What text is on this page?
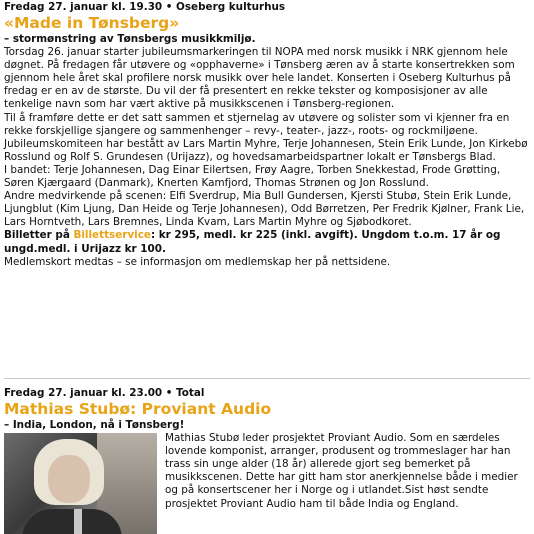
Fredag 27. januar kl. 19.30 • Oseberg kulturhus
«Made in Tønsberg»
– stormønstring av Tønsbergs musikkmiljø.

Torsdag 26. januar starter jubileumsmarkeringen til NOPA med norsk musikk i NRK gjennom hele døgnet. På fredagen får utøvere og «opphaverne» i Tønsberg æren av å starte konsertrekken som gjennom hele året skal profilere norsk musikk over hele landet. Konserten i Oseberg Kulturhus på fredag er en av de største. Du vil der få presentert en rekke tekster og komposisjoner av alle tenkelige navn som har vært aktive på musikkscenen i Tønsberg-regionen.
Til å framføre dette er det satt sammen et stjernelag av utøvere og solister som vi kjenner fra en rekke forskjellige sjangere og sammenhenger – revy-, teater-, jazz-, roots- og rockmiljøene. Jubileumskomiteen har bestått av Lars Martin Myhre, Terje Johannesen, Stein Erik Lunde, Jon Kirkebø Rosslund og Rolf S. Grundesen (Urijazz), og hovedsamarbeidspartner lokalt er Tønsbergs Blad.
I bandet: Terje Johannesen, Dag Einar Eilertsen, Frøy Aagre, Torben Snekkestad, Frode Grøtting, Søren Kjærgaard (Danmark), Knerten Kamfjord, Thomas Strønen og Jon Rosslund.
Andre medvirkende på scenen: Elfi Sverdrup, Mia Bull Gundersen, Kjersti Stubø, Stein Erik Lunde, Ljungblut (Kim Ljung, Dan Heide og Terje Johannesen), Odd Børretzen, Per Fredrik Kjølner, Frank Lie, Lars Horntveth, Lars Bremnes, Linda Kvam, Lars Martin Myhre og Sjøbodkoret.

Billetter på Billettservice: kr 295, medl. kr 225 (inkl. avgift). Ungdom t.o.m. 17 år og ungd.medl. i Urijazz kr 100.

Medlemskort medtas – se informasjon om medlemskap her på nettsidene.

Fredag 27. januar kl. 23.00 • Total
Mathias Stubø: Proviant Audio
– India, London, nå i Tønsberg!

Mathias Stubø leder prosjektet Proviant Audio. Som en særdeles lovende komponist, arranger, produsent og trommeslager har han trass sin unge alder (18 år) allerede gjort seg bemerket på musikkscenen. Dette har gitt ham stor anerkjennelse både i medier og på konsertscener her i Norge og i utlandet.Sist høst sendte prosjektet Proviant Audio ham til både India og England.
